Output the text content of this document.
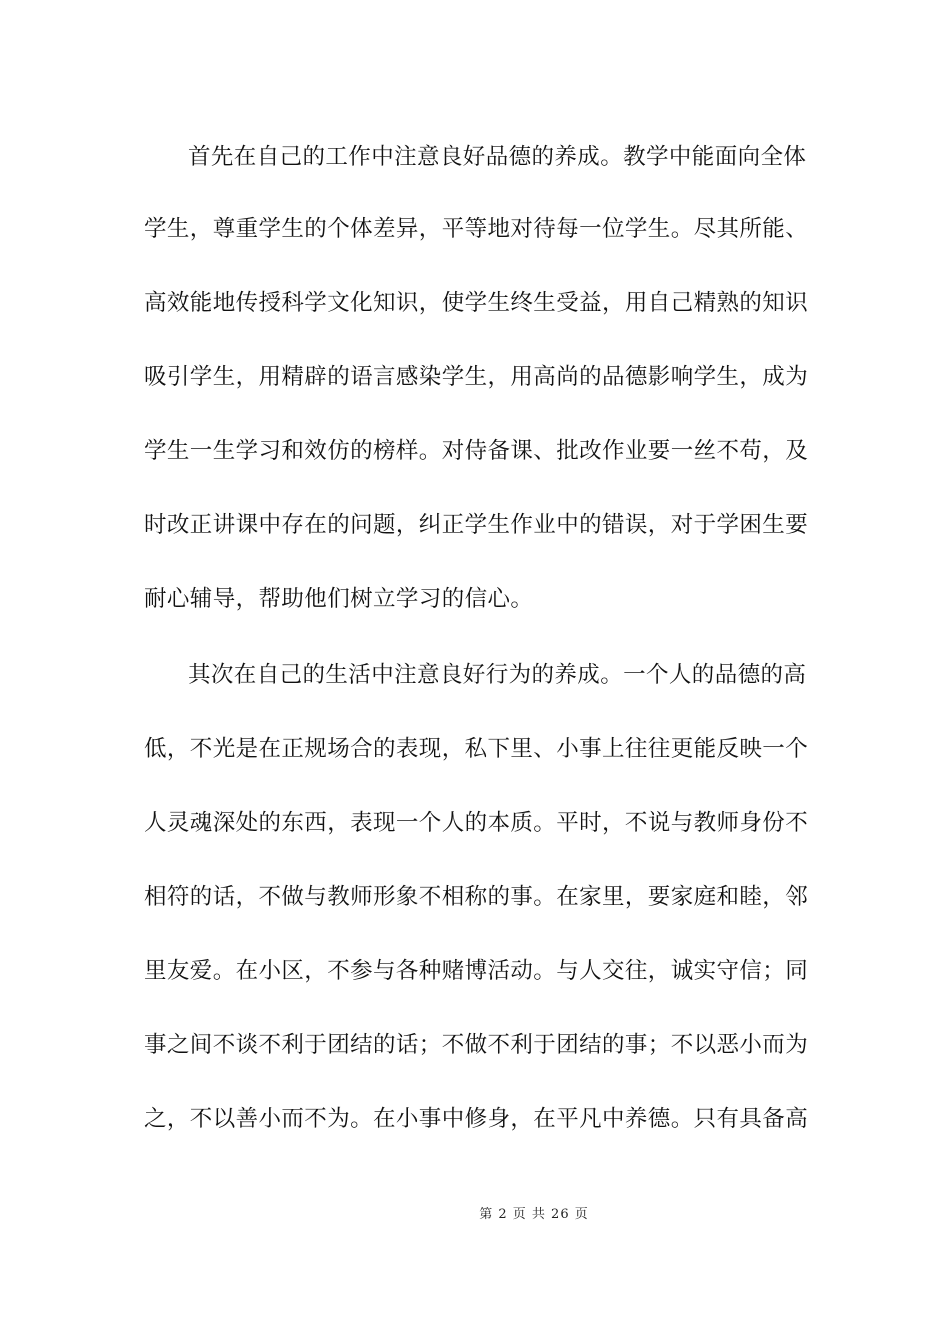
首先在自己的工作中注意良好品德的养成。教学中能面向全体
学生，尊重学生的个体差异，平等地对待每一位学生。尽其所能、
高效能地传授科学文化知识，使学生终生受益，用自己精熟的知识
吸引学生，用精辟的语言感染学生，用高尚的品德影响学生，成为
学生一生学习和效仿的榜样。对侍备课、批改作业要一丝不苟，及
时改正讲课中存在的问题，纠正学生作业中的错误，对于学困生要
耐心辅导，帮助他们树立学习的信心。
其次在自己的生活中注意良好行为的养成。一个人的品德的高
低，不光是在正规场合的表现，私下里、小事上往往更能反映一个
人灵魂深处的东西，表现一个人的本质。平时，不说与教师身份不
相符的话，不做与教师形象不相称的事。在家里，要家庭和睦，邻
里友爱。在小区，不参与各种赌博活动。与人交往，诚实守信；同
事之间不谈不利于团结的话；不做不利于团结的事；不以恶小而为
之，不以善小而不为。在小事中修身，在平凡中养德。只有具备高
第 2 页 共 26 页
